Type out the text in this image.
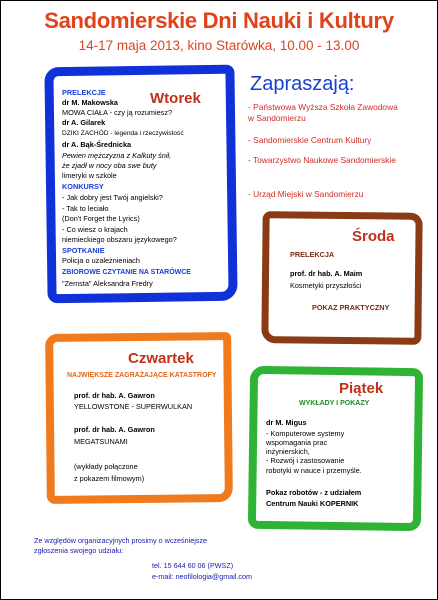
Sandomierskie Dni Nauki i Kultury
14-17 maja 2013, kino Starówka, 10.00 - 13.00
Wtorek
PRELEKCJE
dr M. Makowska
MOWA CIAŁA - czy ją rozumiesz?
dr A. Gilarek
DZIKI ZACHÓD - legenda i rzeczywistość
dr A. Bąk-Średnicka
Pewien mężczyzna z Kalkuty śnił,
że zjadł w nocy oba swe buty
limeryki w szkole
KONKURSY
- Jak dobry jest Twój angielski?
- Tak to leciało
(Don't Forget the Lyrics)
- Co wiesz o krajach
niemieckiego obszaru językowego?
SPOTKANIE
Policja o uzależnieniach
ZBIOROWE CZYTANIE NA STARÓWCE
"Zemsta" Aleksandra Fredry
Zapraszają:
- Państwowa Wyższa Szkoła Zawodowa w Sandomierzu
- Sandomierskie Centrum Kultury
- Towarzystwo Naukowe Sandomierskie
- Urząd Miejski w Sandomierzu
Środa
PRELEKCJA
prof. dr hab. A. Maim
Kosmetyki przyszłości
POKAZ PRAKTYCZNY
Czwartek
NAJWIĘKSZE ZAGRAŻAJĄCE KATASTROFY
prof. dr hab. A. Gawron
YELLOWSTONE - SUPERWULKAN
prof. dr hab. A. Gawron
MEGATSUNAMI
(wykłady połączone
z pokazem filmowym)
Piątek
WYKŁADY I POKAZY
dr M. Migus
- Komputerowe systemy
wspomagania prac
inżynierskich,
- Rozwój i zastosowanie
robotyki w nauce i przemyśle.
Pokaz robotów - z udziałem
Centrum Nauki KOPERNIK
Ze względów organizacyjnych prosimy o wcześniejsze
zgłoszenia swojego udziału:
tel. 15 644 60 06 (PWSZ)
e-mail: neofilologia@gmail.com
